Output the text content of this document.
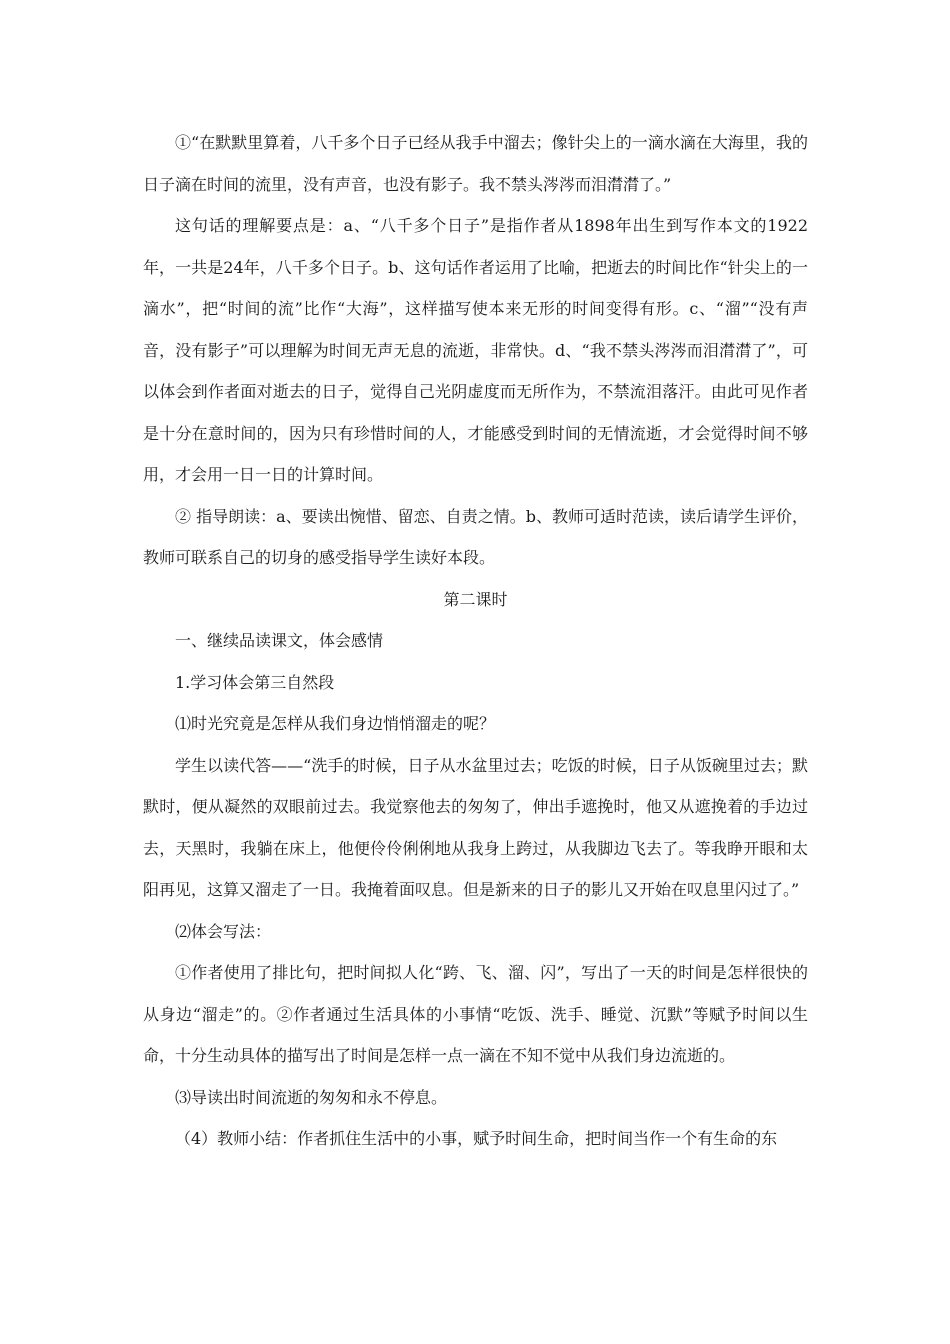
①“在默默里算着，八千多个日子已经从我手中溜去；像针尖上的一滴水滴在大海里，我的日子滴在时间的流里，没有声音，也没有影子。我不禁头涔涔而泪潸潸了。”

这句话的理解要点是：a、“八千多个日子”是指作者从1898年出生到写作本文的1922年，一共是24年，八千多个日子。b、这句话作者运用了比喻，把逝去的时间比作“针尖上的一滴水”，把“时间的流”比作“大海”，这样描写使本来无形的时间变得有形。c、“溜”“没有声音，没有影子”可以理解为时间无声无息的流逝，非常快。d、“我不禁头涔涔而泪潸潸了”，可以体会到作者面对逝去的日子，觉得自己光阴虚度而无所作为，不禁流泪落汗。由此可见作者是十分在意时间的，因为只有珍惜时间的人，才能感受到时间的无情流逝，才会觉得时间不够用，才会用一日一日的计算时间。

② 指导朗读：a、要读出惋惜、留恋、自责之情。b、教师可适时范读，读后请学生评价，教师可联系自己的切身的感受指导学生读好本段。

第二课时

一、继续品读课文，体会感情

1.学习体会第三自然段

⑴时光究竟是怎样从我们身边悄悄溜走的呢？

学生以读代答——“洗手的时候，日子从水盆里过去；吃饭的时候，日子从饭碗里过去；默默时，便从凝然的双眼前过去。我觉察他去的匆匆了，伸出手遮挽时，他又从遮挽着的手边过去，天黑时，我躺在床上，他便伶伶俐俐地从我身上跨过，从我脚边飞去了。等我睁开眼和太阳再见，这算又溜走了一日。我掩着面叹息。但是新来的日子的影儿又开始在叹息里闪过了。”

⑵体会写法：

①作者使用了排比句，把时间拟人化“跨、飞、溜、闪”，写出了一天的时间是怎样很快的从身边“溜走”的。②作者通过生活具体的小事情“吃饭、洗手、睡觉、沉默”等赋予时间以生命，十分生动具体的描写出了时间是怎样一点一滴在不知不觉中从我们身边流逝的。

⑶导读出时间流逝的匆匆和永不停息。

（4）教师小结：作者抓住生活中的小事，赋予时间生命，把时间当作一个有生命的东
